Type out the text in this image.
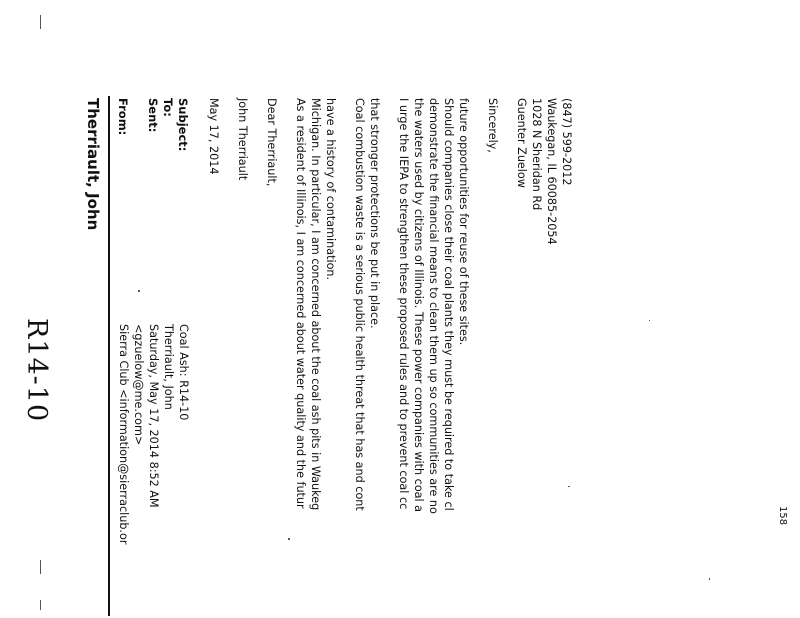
R14-10
Therriault, John From:
Sierra Club <information@sierraclub.or <gzuelow@me.com>
Sent:
Saturday, May 17, 2014 8:52 AM
To:
Therriault, John
Subject:
Coal Ash: R14-10
May 17, 2014 John Therriault Dear Therriault, As a resident of Illinois, I am concerned about water quality and the futur Michigan. In particular, I am concerned about the coal ash pits in Waukeg have a history of contamination. Coal combustion waste is a serious public health threat that has and cont that stronger protections be put in place. I urge the IEPA to strengthen these proposed rules and to prevent coal cc the waters used by citizens of Illinois. These power companies with coal a demonstrate the financial means to clean them up so communities are no Should companies close their coal plants they must be required to take cl future opportunities for reuse of these sites. Sincerely, Guenter Zuelow 1028 N Sheridan Rd Waukegan, IL 60085-2054 (847) 599-2012
158
